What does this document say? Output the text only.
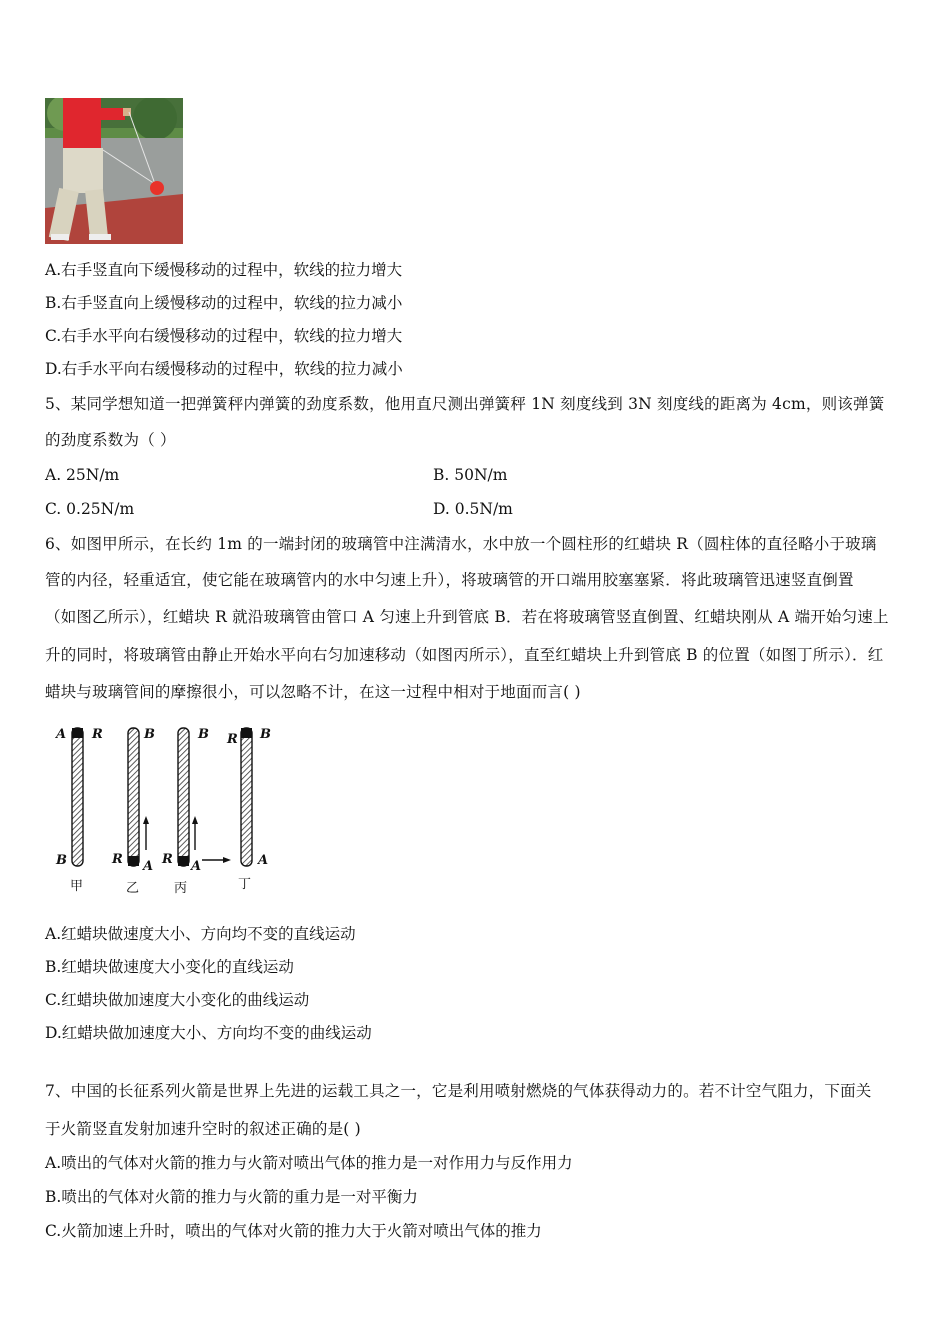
A.右手竖直向下缓慢移动的过程中，软线的拉力增大
B.右手竖直向上缓慢移动的过程中，软线的拉力减小
C.右手水平向右缓慢移动的过程中，软线的拉力增大
D.右手水平向右缓慢移动的过程中，软线的拉力减小
5、某同学想知道一把弹簧秤内弹簧的劲度系数，他用直尺测出弹簧秤 1N 刻度线到 3N 刻度线的距离为 4cm，则该弹簧
的劲度系数为（ ）
A. 25N/m	B. 50N/m
C. 0.25N/m	D. 0.5N/m
6、如图甲所示，在长约 1m 的一端封闭的玻璃管中注满清水，水中放一个圆柱形的红蜡块 R（圆柱体的直径略小于玻璃
管的内径，轻重适宜，使它能在玻璃管内的水中匀速上升），将玻璃管的开口端用胶塞塞紧．将此玻璃管迅速竖直倒置
（如图乙所示），红蜡块 R 就沿玻璃管由管口 A 匀速上升到管底 B．若在将玻璃管竖直倒置、红蜡块刚从 A 端开始匀速上
升的同时，将玻璃管由静止开始水平向右匀加速移动（如图丙所示），直至红蜡块上升到管底 B 的位置（如图丁所示）．红
蜡块与玻璃管间的摩擦很小，可以忽略不计，在这一过程中相对于地面而言( )
A R
B
B
R A
B
R A
R B
A
甲	乙	丙	丁
A.红蜡块做速度大小、方向均不变的直线运动
B.红蜡块做速度大小变化的直线运动
C.红蜡块做加速度大小变化的曲线运动
D.红蜡块做加速度大小、方向均不变的曲线运动
7、中国的长征系列火箭是世界上先进的运载工具之一，它是利用喷射燃烧的气体获得动力的。若不计空气阻力，下面关
于火箭竖直发射加速升空时的叙述正确的是( )
A.喷出的气体对火箭的推力与火箭对喷出气体的推力是一对作用力与反作用力
B.喷出的气体对火箭的推力与火箭的重力是一对平衡力
C.火箭加速上升时，喷出的气体对火箭的推力大于火箭对喷出气体的推力
